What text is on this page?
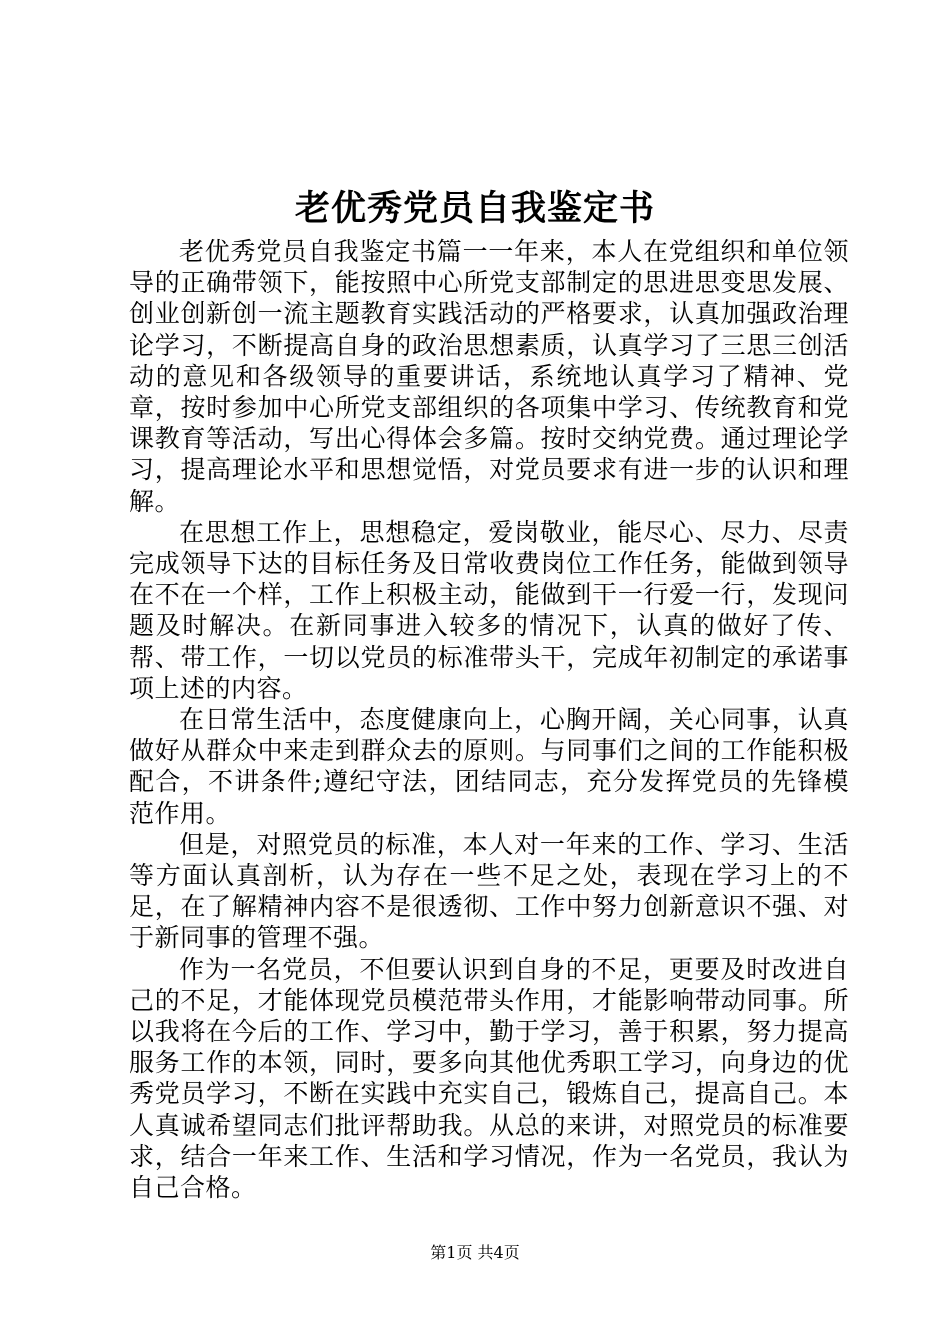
老优秀党员自我鉴定书

老优秀党员自我鉴定书篇一一年来，本人在党组织和单位领导的正确带领下，能按照中心所党支部制定的思进思变思发展、创业创新创一流主题教育实践活动的严格要求，认真加强政治理论学习，不断提高自身的政治思想素质，认真学习了三思三创活动的意见和各级领导的重要讲话，系统地认真学习了精神、党章，按时参加中心所党支部组织的各项集中学习、传统教育和党课教育等活动，写出心得体会多篇。按时交纳党费。通过理论学习，提高理论水平和思想觉悟，对党员要求有进一步的认识和理解。

在思想工作上，思想稳定，爱岗敬业，能尽心、尽力、尽责完成领导下达的目标任务及日常收费岗位工作任务，能做到领导在不在一个样，工作上积极主动，能做到干一行爱一行，发现问题及时解决。在新同事进入较多的情况下，认真的做好了传、帮、带工作，一切以党员的标准带头干，完成年初制定的承诺事项上述的内容。

在日常生活中，态度健康向上，心胸开阔，关心同事，认真做好从群众中来走到群众去的原则。与同事们之间的工作能积极配合，不讲条件;遵纪守法，团结同志，充分发挥党员的先锋模范作用。

但是，对照党员的标准，本人对一年来的工作、学习、生活等方面认真剖析，认为存在一些不足之处，表现在学习上的不足，在了解精神内容不是很透彻、工作中努力创新意识不强、对于新同事的管理不强。

作为一名党员，不但要认识到自身的不足，更要及时改进自己的不足，才能体现党员模范带头作用，才能影响带动同事。所以我将在今后的工作、学习中，勤于学习，善于积累，努力提高服务工作的本领，同时，要多向其他优秀职工学习，向身边的优秀党员学习，不断在实践中充实自己，锻炼自己，提高自己。本人真诚希望同志们批评帮助我。从总的来讲，对照党员的标准要求，结合一年来工作、生活和学习情况，作为一名党员，我认为自己合格。

第1页 共4页
